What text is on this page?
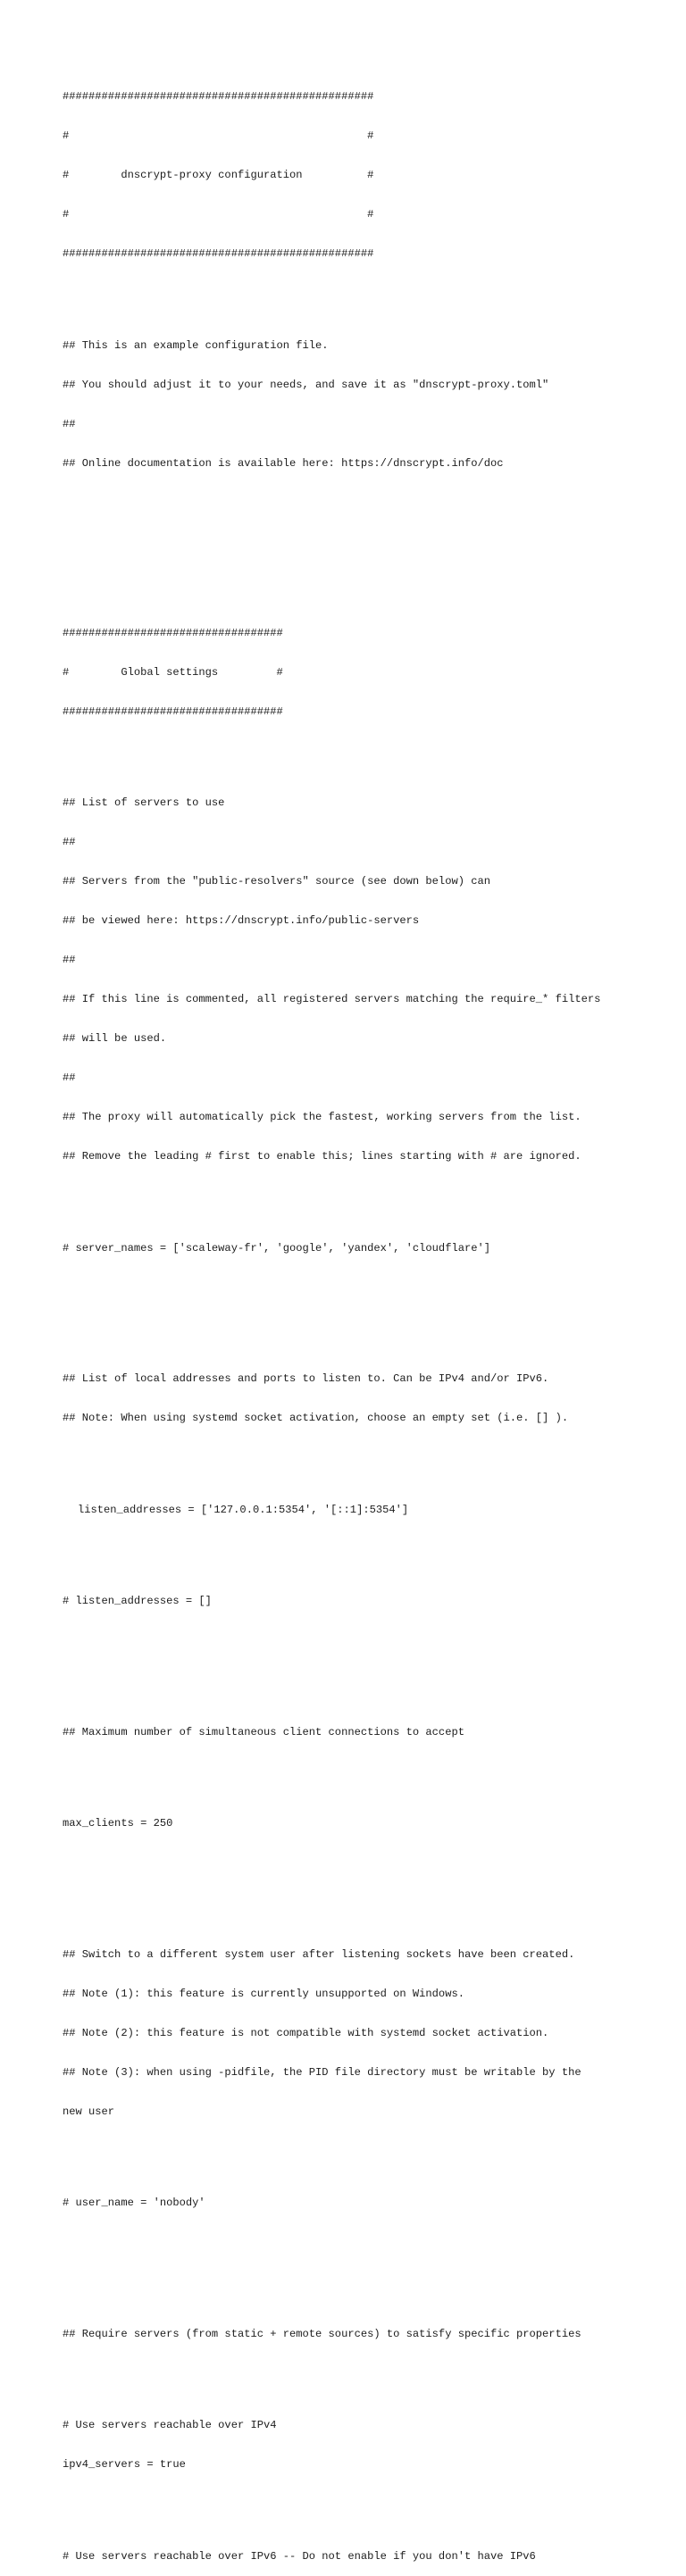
################################################

#                                              #

#        dnscrypt-proxy configuration          #

#                                              #

################################################

## This is an example configuration file.

## You should adjust it to your needs, and save it as "dnscrypt-proxy.toml"

##

## Online documentation is available here: https://dnscrypt.info/doc

##################################

#        Global settings         #

##################################

## List of servers to use

##

## Servers from the "public-resolvers" source (see down below) can

## be viewed here: https://dnscrypt.info/public-servers

##

## If this line is commented, all registered servers matching the require_* filters

## will be used.

##

## The proxy will automatically pick the fastest, working servers from the list.

## Remove the leading # first to enable this; lines starting with # are ignored.

# server_names = ['scaleway-fr', 'google', 'yandex', 'cloudflare']

## List of local addresses and ports to listen to. Can be IPv4 and/or IPv6.

## Note: When using systemd socket activation, choose an empty set (i.e. [] ).

listen_addresses = ['127.0.0.1:5354', '[::1]:5354']

# listen_addresses = []

## Maximum number of simultaneous client connections to accept

max_clients = 250

## Switch to a different system user after listening sockets have been created.

## Note (1): this feature is currently unsupported on Windows.

## Note (2): this feature is not compatible with systemd socket activation.

## Note (3): when using -pidfile, the PID file directory must be writable by the

new user

# user_name = 'nobody'

## Require servers (from static + remote sources) to satisfy specific properties

# Use servers reachable over IPv4

ipv4_servers = true

# Use servers reachable over IPv6 -- Do not enable if you don't have IPv6
